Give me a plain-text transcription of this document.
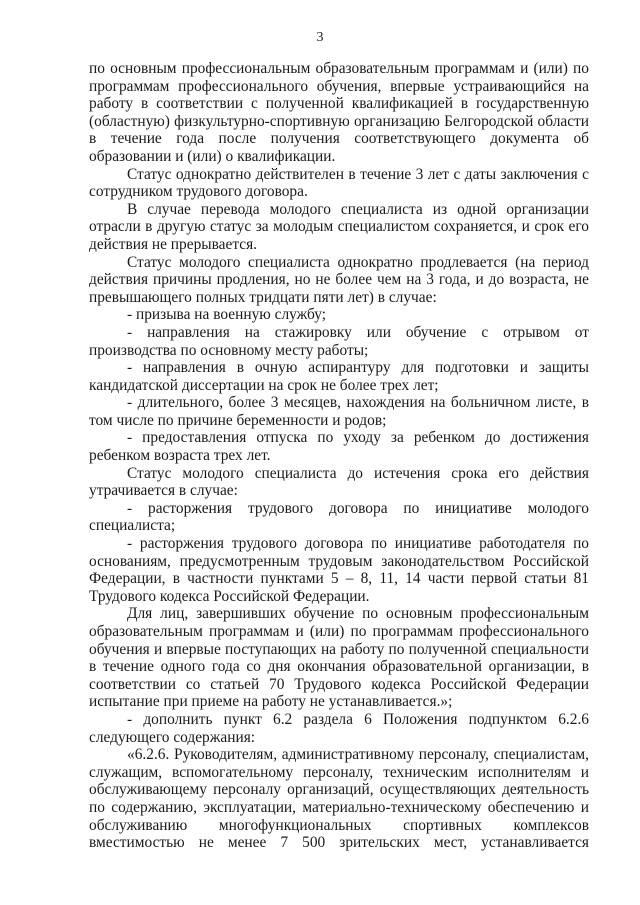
3

по основным профессиональным образовательным программам и (или) по программам профессионального обучения, впервые устраивающийся на работу в соответствии с полученной квалификацией в государственную (областную) физкультурно-спортивную организацию Белгородской области в течение года после получения соответствующего документа об образовании и (или) о квалификации.

Статус однократно действителен в течение 3 лет с даты заключения с сотрудником трудового договора.

В случае перевода молодого специалиста из одной организации отрасли в другую статус за молодым специалистом сохраняется, и срок его действия не прерывается.

Статус молодого специалиста однократно продлевается (на период действия причины продления, но не более чем на 3 года, и до возраста, не превышающего полных тридцати пяти лет) в случае:

- призыва на военную службу;

- направления на стажировку или обучение с отрывом от производства по основному месту работы;

- направления в очную аспирантуру для подготовки и защиты кандидатской диссертации на срок не более трех лет;

- длительного, более 3 месяцев, нахождения на больничном листе, в том числе по причине беременности и родов;

- предоставления отпуска по уходу за ребенком до достижения ребенком возраста трех лет.

Статус молодого специалиста до истечения срока его действия утрачивается в случае:

- расторжения трудового договора по инициативе молодого специалиста;

- расторжения трудового договора по инициативе работодателя по основаниям, предусмотренным трудовым законодательством Российской Федерации, в частности пунктами 5 – 8, 11, 14 части первой статьи 81 Трудового кодекса Российской Федерации.

Для лиц, завершивших обучение по основным профессиональным образовательным программам и (или) по программам профессионального обучения и впервые поступающих на работу по полученной специальности в течение одного года со дня окончания образовательной организации, в соответствии со статьей 70 Трудового кодекса Российской Федерации испытание при приеме на работу не устанавливается.»;

- дополнить пункт 6.2 раздела 6 Положения подпунктом 6.2.6 следующего содержания:

«6.2.6. Руководителям, административному персоналу, специалистам, служащим, вспомогательному персоналу, техническим исполнителям и обслуживающему персоналу организаций, осуществляющих деятельность по содержанию, эксплуатации, материально-техническому обеспечению и обслуживанию многофункциональных спортивных комплексов вместимостью не менее 7 500 зрительских мест, устанавливается
